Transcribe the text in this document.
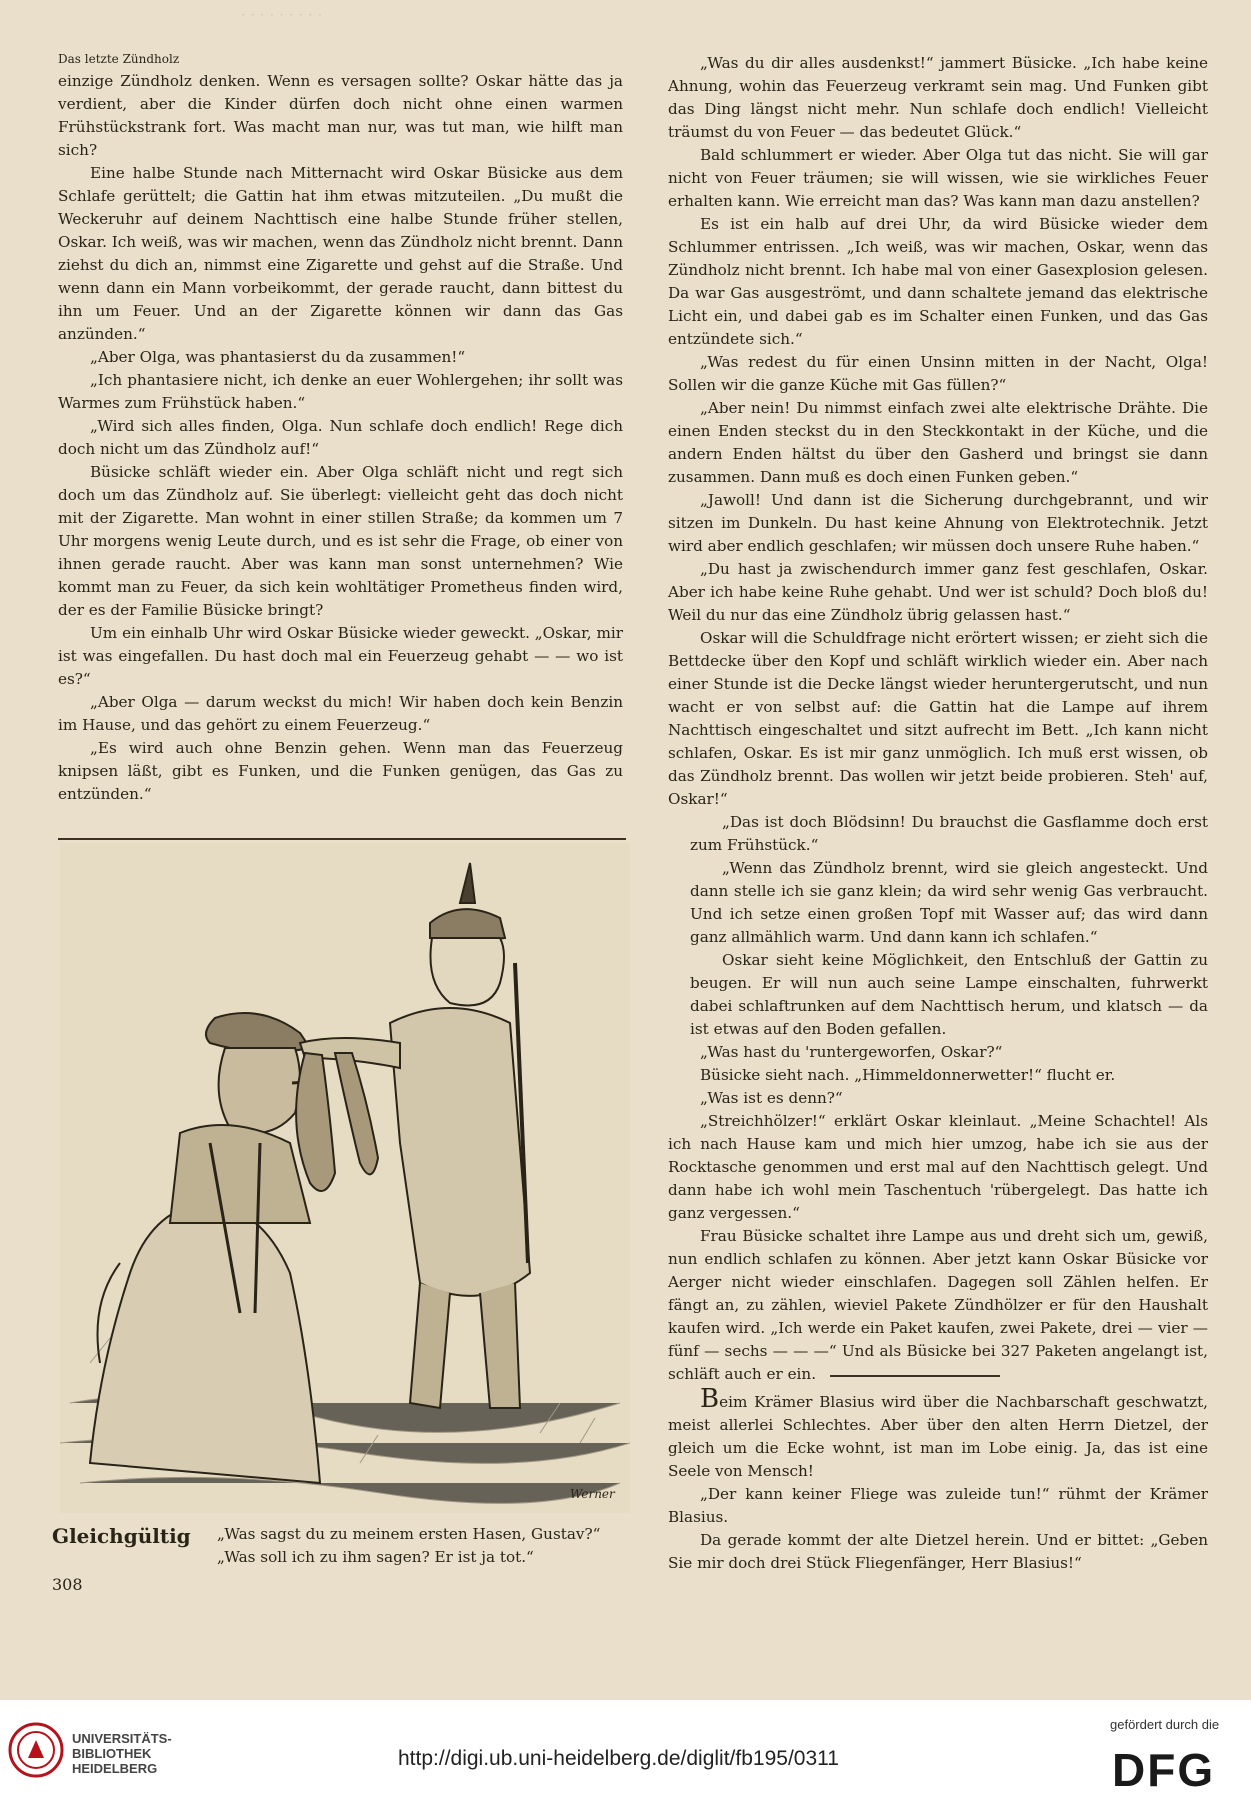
· · · · · · · · ·
Das letzte Zündholz

einzige Zündholz denken. Wenn es versagen sollte? Oskar hätte das ja verdient, aber die Kinder dürfen doch nicht ohne einen warmen Frühstückstrank fort. Was macht man nur, was tut man, wie hilft man sich?

Eine halbe Stunde nach Mitternacht wird Oskar Büsicke aus dem Schlafe gerüttelt; die Gattin hat ihm etwas mitzuteilen. „Du mußt die Weckeruhr auf deinem Nachttisch eine halbe Stunde früher stellen, Oskar. Ich weiß, was wir machen, wenn das Zündholz nicht brennt. Dann ziehst du dich an, nimmst eine Zigarette und gehst auf die Straße. Und wenn dann ein Mann vorbeikommt, der gerade raucht, dann bittest du ihn um Feuer. Und an der Zigarette können wir dann das Gas anzünden.“

„Aber Olga, was phantasierst du da zusammen!“

„Ich phantasiere nicht, ich denke an euer Wohlergehen; ihr sollt was Warmes zum Frühstück haben.“

„Wird sich alles finden, Olga. Nun schlafe doch endlich! Rege dich doch nicht um das Zündholz auf!“

Büsicke schläft wieder ein. Aber Olga schläft nicht und regt sich doch um das Zündholz auf. Sie überlegt: vielleicht geht das doch nicht mit der Zigarette. Man wohnt in einer stillen Straße; da kommen um 7 Uhr morgens wenig Leute durch, und es ist sehr die Frage, ob einer von ihnen gerade raucht. Aber was kann man sonst unternehmen? Wie kommt man zu Feuer, da sich kein wohltätiger Prometheus finden wird, der es der Familie Büsicke bringt?

Um ein einhalb Uhr wird Oskar Büsicke wieder geweckt. „Oskar, mir ist was eingefallen. Du hast doch mal ein Feuerzeug gehabt — — wo ist es?“

„Aber Olga — darum weckst du mich! Wir haben doch kein Benzin im Hause, und das gehört zu einem Feuerzeug.“

„Es wird auch ohne Benzin gehen. Wenn man das Feuerzeug knipsen läßt, gibt es Funken, und die Funken genügen, das Gas zu entzünden.“

Werner
Gleichgültig „Was sagst du zu meinem ersten Hasen, Gustav?“
„Was soll ich zu ihm sagen? Er ist ja tot.“
308

„Was du dir alles ausdenkst!“ jammert Büsicke. „Ich habe keine Ahnung, wohin das Feuerzeug verkramt sein mag. Und Funken gibt das Ding längst nicht mehr. Nun schlafe doch endlich! Vielleicht träumst du von Feuer — das bedeutet Glück.“

Bald schlummert er wieder. Aber Olga tut das nicht. Sie will gar nicht von Feuer träumen; sie will wissen, wie sie wirkliches Feuer erhalten kann. Wie erreicht man das? Was kann man dazu anstellen?

Es ist ein halb auf drei Uhr, da wird Büsicke wieder dem Schlummer entrissen. „Ich weiß, was wir machen, Oskar, wenn das Zündholz nicht brennt. Ich habe mal von einer Gasexplosion gelesen. Da war Gas ausgeströmt, und dann schaltete jemand das elektrische Licht ein, und dabei gab es im Schalter einen Funken, und das Gas entzündete sich.“

„Was redest du für einen Unsinn mitten in der Nacht, Olga! Sollen wir die ganze Küche mit Gas füllen?“

„Aber nein! Du nimmst einfach zwei alte elektrische Drähte. Die einen Enden steckst du in den Steckkontakt in der Küche, und die andern Enden hältst du über den Gasherd und bringst sie dann zusammen. Dann muß es doch einen Funken geben.“

„Jawoll! Und dann ist die Sicherung durchgebrannt, und wir sitzen im Dunkeln. Du hast keine Ahnung von Elektrotechnik. Jetzt wird aber endlich geschlafen; wir müssen doch unsere Ruhe haben.“

„Du hast ja zwischendurch immer ganz fest geschlafen, Oskar. Aber ich habe keine Ruhe gehabt. Und wer ist schuld? Doch bloß du! Weil du nur das eine Zündholz übrig gelassen hast.“

Oskar will die Schuldfrage nicht erörtert wissen; er zieht sich die Bettdecke über den Kopf und schläft wirklich wieder ein. Aber nach einer Stunde ist die Decke längst wieder heruntergerutscht, und nun wacht er von selbst auf: die Gattin hat die Lampe auf ihrem Nachttisch eingeschaltet und sitzt aufrecht im Bett. „Ich kann nicht schlafen, Oskar. Es ist mir ganz unmöglich. Ich muß erst wissen, ob das Zündholz brennt. Das wollen wir jetzt beide probieren. Steh' auf, Oskar!“

„Das ist doch Blödsinn! Du brauchst die Gasflamme doch erst zum Frühstück.“

„Wenn das Zündholz brennt, wird sie gleich angesteckt. Und dann stelle ich sie ganz klein; da wird sehr wenig Gas verbraucht. Und ich setze einen großen Topf mit Wasser auf; das wird dann ganz allmählich warm. Und dann kann ich schlafen.“

Oskar sieht keine Möglichkeit, den Entschluß der Gattin zu beugen. Er will nun auch seine Lampe einschalten, fuhrwerkt dabei schlaftrunken auf dem Nachttisch herum, und klatsch — da ist etwas auf den Boden gefallen.

„Was hast du 'runtergeworfen, Oskar?“

Büsicke sieht nach. „Himmeldonnerwetter!“ flucht er.

„Was ist es denn?“

„Streichhölzer!“ erklärt Oskar kleinlaut. „Meine Schachtel! Als ich nach Hause kam und mich hier umzog, habe ich sie aus der Rocktasche genommen und erst mal auf den Nachttisch gelegt. Und dann habe ich wohl mein Taschentuch 'rübergelegt. Das hatte ich ganz vergessen.“

Frau Büsicke schaltet ihre Lampe aus und dreht sich um, gewiß, nun endlich schlafen zu können. Aber jetzt kann Oskar Büsicke vor Aerger nicht wieder einschlafen. Dagegen soll Zählen helfen. Er fängt an, zu zählen, wieviel Pakete Zündhölzer er für den Haushalt kaufen wird. „Ich werde ein Paket kaufen, zwei Pakete, drei — vier — fünf — sechs — — —“ Und als Büsicke bei 327 Paketen angelangt ist, schläft auch er ein.

Beim Krämer Blasius wird über die Nachbarschaft geschwatzt, meist allerlei Schlechtes. Aber über den alten Herrn Dietzel, der gleich um die Ecke wohnt, ist man im Lobe einig. Ja, das ist eine Seele von Mensch!

„Der kann keiner Fliege was zuleide tun!“ rühmt der Krämer Blasius.

Da gerade kommt der alte Dietzel herein. Und er bittet: „Geben Sie mir doch drei Stück Fliegenfänger, Herr Blasius!“

UNIVERSITÄTS-
BIBLIOTHEK
HEIDELBERG	http://digi.ub.uni-heidelberg.de/diglit/fb195/0311
gefördert durch die
DFG
